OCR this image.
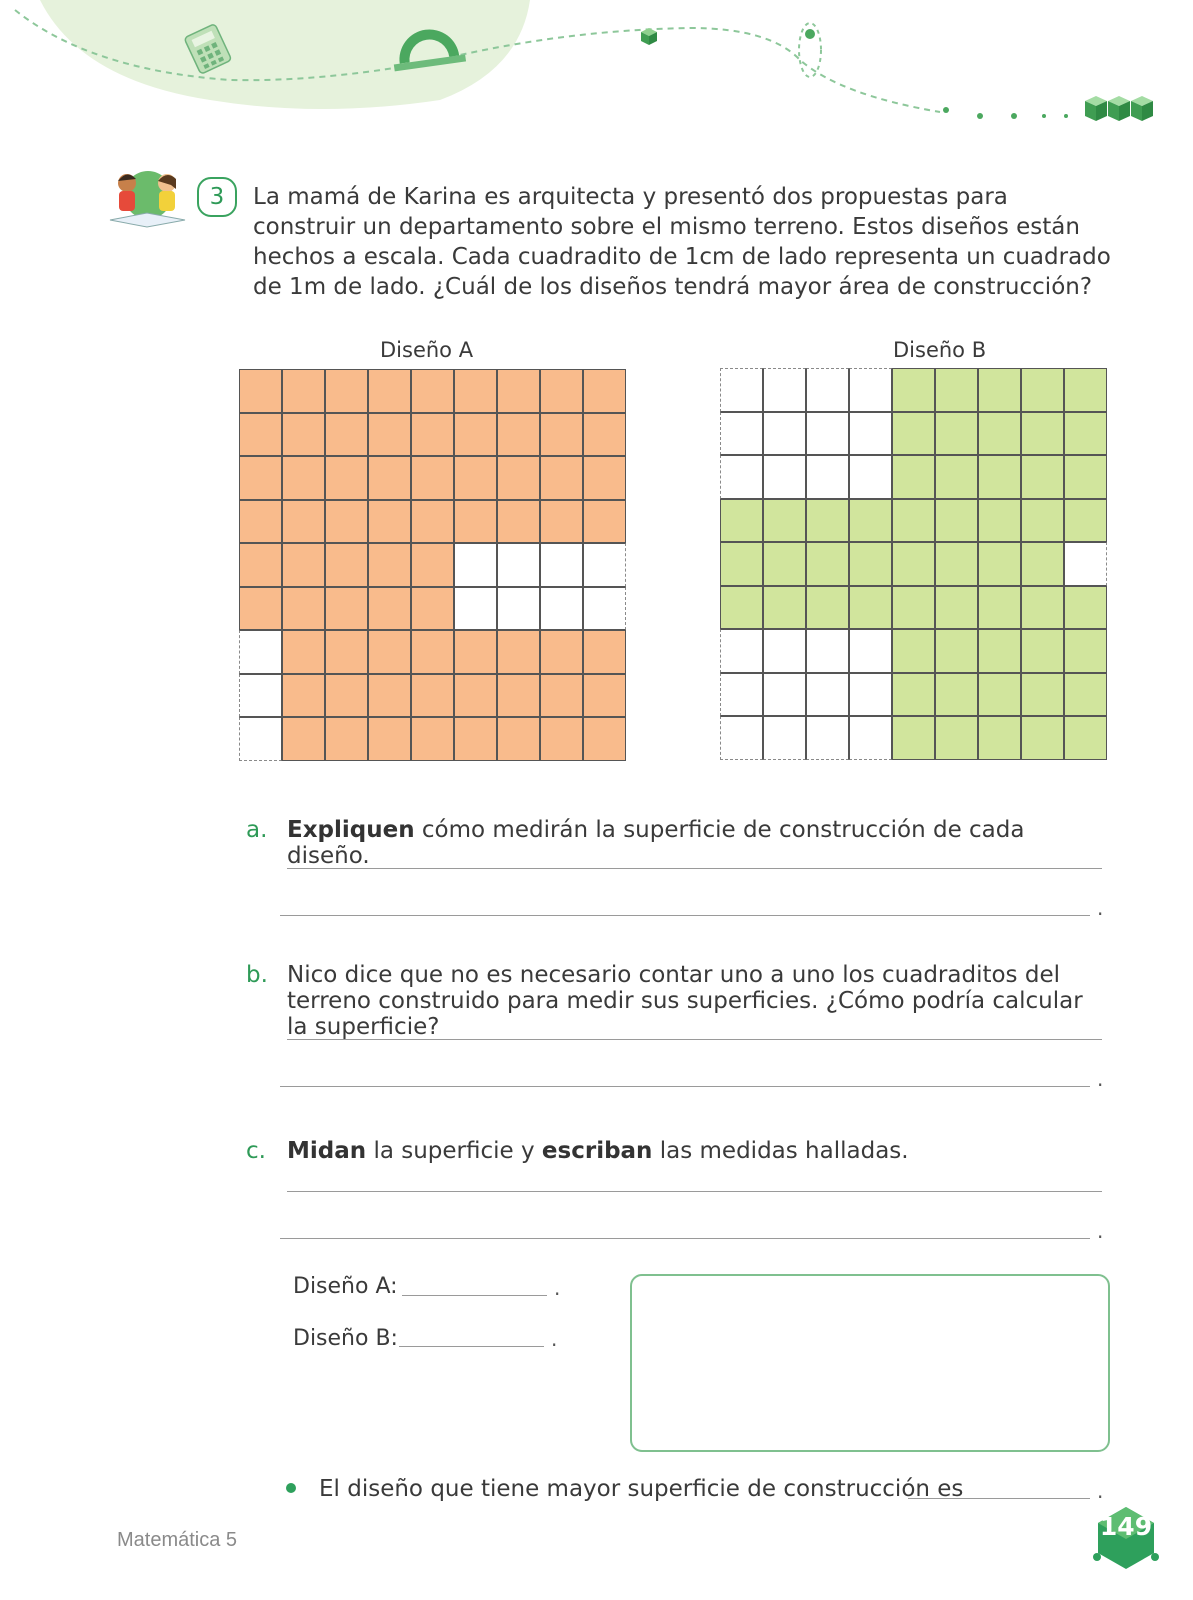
3	La mamá de Karina es arquitecta y presentó dos propuestas para construir un departamento sobre el mismo terreno. Estos diseños están hechos a escala. Cada cuadradito de 1cm de lado representa un cuadrado de 1m de lado. ¿Cuál de los diseños tendrá mayor área de construcción?
Diseño A	Diseño B
a. Expliquen cómo medirán la superficie de construcción de cada diseño.
.
b. Nico dice que no es necesario contar uno a uno los cuadraditos del terreno construido para medir sus superficies. ¿Cómo podría calcular la superficie?
.
c. Midan la superficie y escriban las medidas halladas.
.
Diseño A:	.
Diseño B:	.
El diseño que tiene mayor superficie de construcción es	.
Matemática 5	149
